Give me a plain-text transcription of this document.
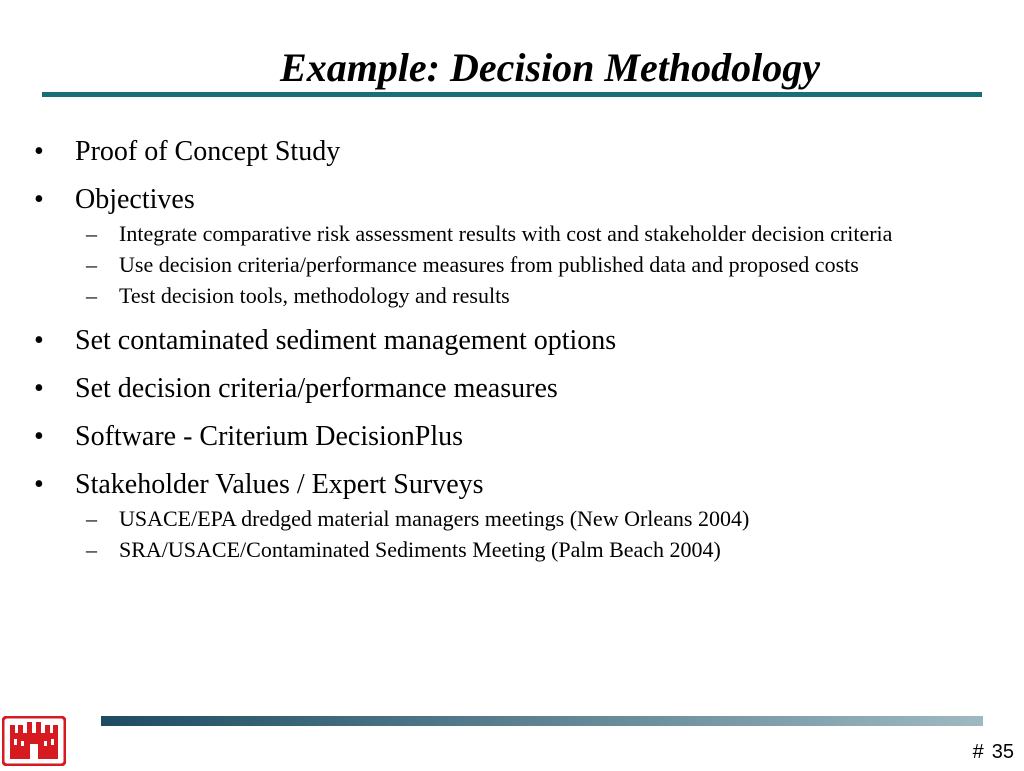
Example: Decision Methodology
•	Proof of Concept Study
•	Objectives
– Integrate comparative risk assessment results with cost and stakeholder decision criteria
– Use decision criteria/performance measures from published data and proposed costs
– Test decision tools, methodology and results
•	Set contaminated sediment management options
•	Set decision criteria/performance measures
•	Software - Criterium DecisionPlus
•	Stakeholder Values / Expert Surveys
– USACE/EPA dredged material managers meetings (New Orleans 2004)
– SRA/USACE/Contaminated Sediments Meeting (Palm Beach 2004)
# 35
